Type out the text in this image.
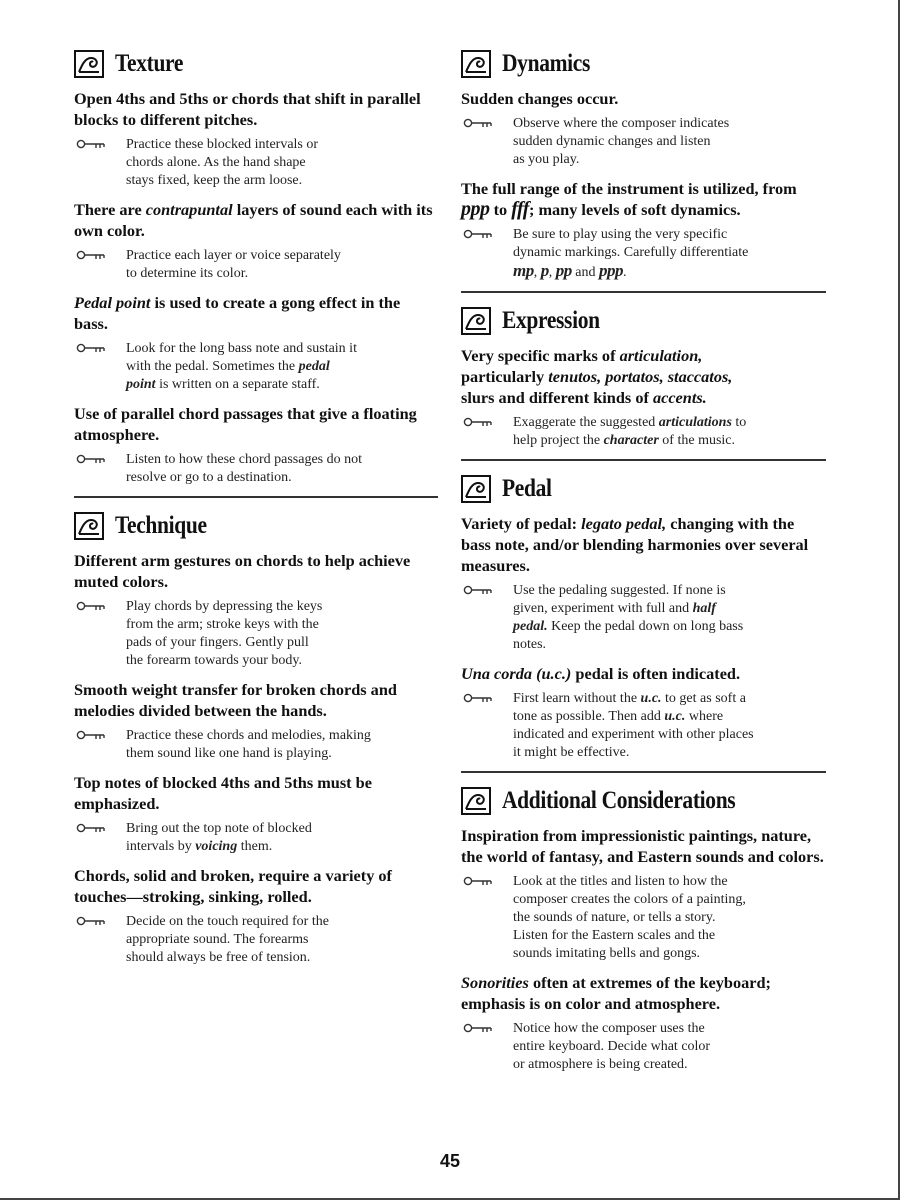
Texture
Open 4ths and 5ths or chords that shift in parallel blocks to different pitches.
Practice these blocked intervals or
chords alone. As the hand shape
stays fixed, keep the arm loose.
There are contrapuntal layers of sound each with its own color.
Practice each layer or voice separately
to determine its color.
Pedal point is used to create a gong effect in the bass.
Look for the long bass note and sustain it
with the pedal. Sometimes the pedal
point is written on a separate staff.
Use of parallel chord passages that give a floating atmosphere.
Listen to how these chord passages do not
resolve or go to a destination.
Technique
Different arm gestures on chords to help achieve muted colors.
Play chords by depressing the keys
from the arm; stroke keys with the
pads of your fingers. Gently pull
the forearm towards your body.
Smooth weight transfer for broken chords and melodies divided between the hands.
Practice these chords and melodies, making
them sound like one hand is playing.
Top notes of blocked 4ths and 5ths must be emphasized.
Bring out the top note of blocked
intervals by voicing them.
Chords, solid and broken, require a variety of touches—stroking, sinking, rolled.
Decide on the touch required for the
appropriate sound. The forearms
should always be free of tension.
Dynamics
Sudden changes occur.
Observe where the composer indicates
sudden dynamic changes and listen
as you play.
The full range of the instrument is utilized, from ppp to fff; many levels of soft dynamics.
Be sure to play using the very specific
dynamic markings. Carefully differentiate
mp, p, pp and ppp.
Expression
Very specific marks of articulation,
particularly tenutos, portatos, staccatos,
slurs and different kinds of accents.
Exaggerate the suggested articulations to
help project the character of the music.
Pedal
Variety of pedal: legato pedal, changing with the bass note, and/or blending harmonies over several measures.
Use the pedaling suggested. If none is
given, experiment with full and half
pedal. Keep the pedal down on long bass
notes.
Una corda (u.c.) pedal is often indicated.
First learn without the u.c. to get as soft a
tone as possible. Then add u.c. where
indicated and experiment with other places
it might be effective.
Additional Considerations
Inspiration from impressionistic paintings, nature, the world of fantasy, and Eastern sounds and colors.
Look at the titles and listen to how the
composer creates the colors of a painting,
the sounds of nature, or tells a story.
Listen for the Eastern scales and the
sounds imitating bells and gongs.
Sonorities often at extremes of the keyboard; emphasis is on color and atmosphere.
Notice how the composer uses the
entire keyboard. Decide what color
or atmosphere is being created.
45
